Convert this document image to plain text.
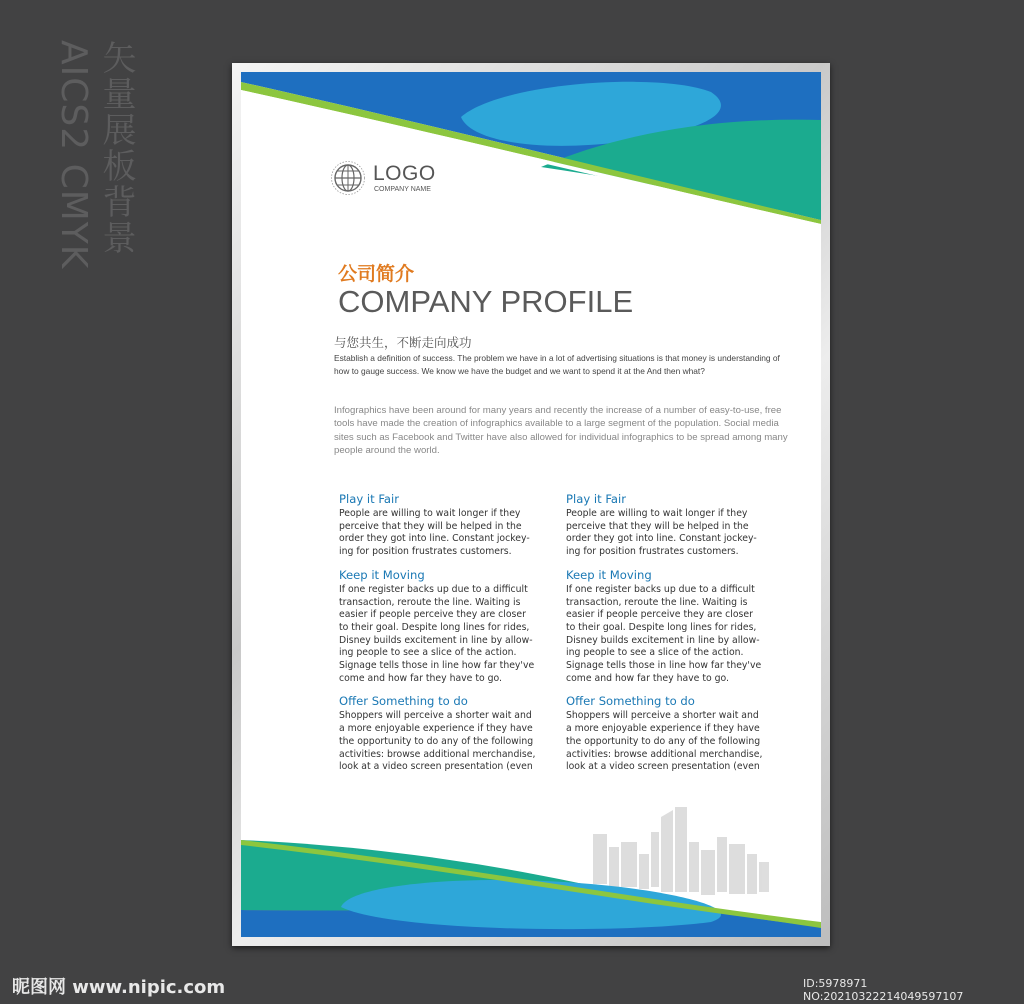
矢量展板背景
AICS2 CMYK	LOGO
COMPANY NAME
公司简介
COMPANY PROFILE
与您共生，不断走向成功
Establish a definition of success. The problem we have in a lot of advertising situations is that money is understanding of how to gauge success. We know we have the budget and we want to spend it at the And then what?
Infographics have been around for many years and recently the increase of a number of easy-to-use, free tools have made the creation of infographics available to a large segment of the population. Social media sites such as Facebook and Twitter have also allowed for individual infographics to be spread among many people around the world.
Play it Fair

People are willing to wait longer if they
perceive that they will be helped in the
order they got into line. Constant jockey-
ing for position frustrates customers.

Keep it Moving

If one register backs up due to a difficult
transaction, reroute the line. Waiting is
easier if people perceive they are closer
to their goal. Despite long lines for rides,
Disney builds excitement in line by allow-
ing people to see a slice of the action.
Signage tells those in line how far they've
come and how far they have to go.

Offer Something to do

Shoppers will perceive a shorter wait and
a more enjoyable experience if they have
the opportunity to do any of the following
activities: browse additional merchandise,
look at a video screen presentation (even

Play it Fair

People are willing to wait longer if they
perceive that they will be helped in the
order they got into line. Constant jockey-
ing for position frustrates customers.

Keep it Moving

If one register backs up due to a difficult
transaction, reroute the line. Waiting is
easier if people perceive they are closer
to their goal. Despite long lines for rides,
Disney builds excitement in line by allow-
ing people to see a slice of the action.
Signage tells those in line how far they've
come and how far they have to go.

Offer Something to do

Shoppers will perceive a shorter wait and
a more enjoyable experience if they have
the opportunity to do any of the following
activities: browse additional merchandise,
look at a video screen presentation (even

昵图网 www.nipic.com	ID:5978971 NO:20210322214049597107
